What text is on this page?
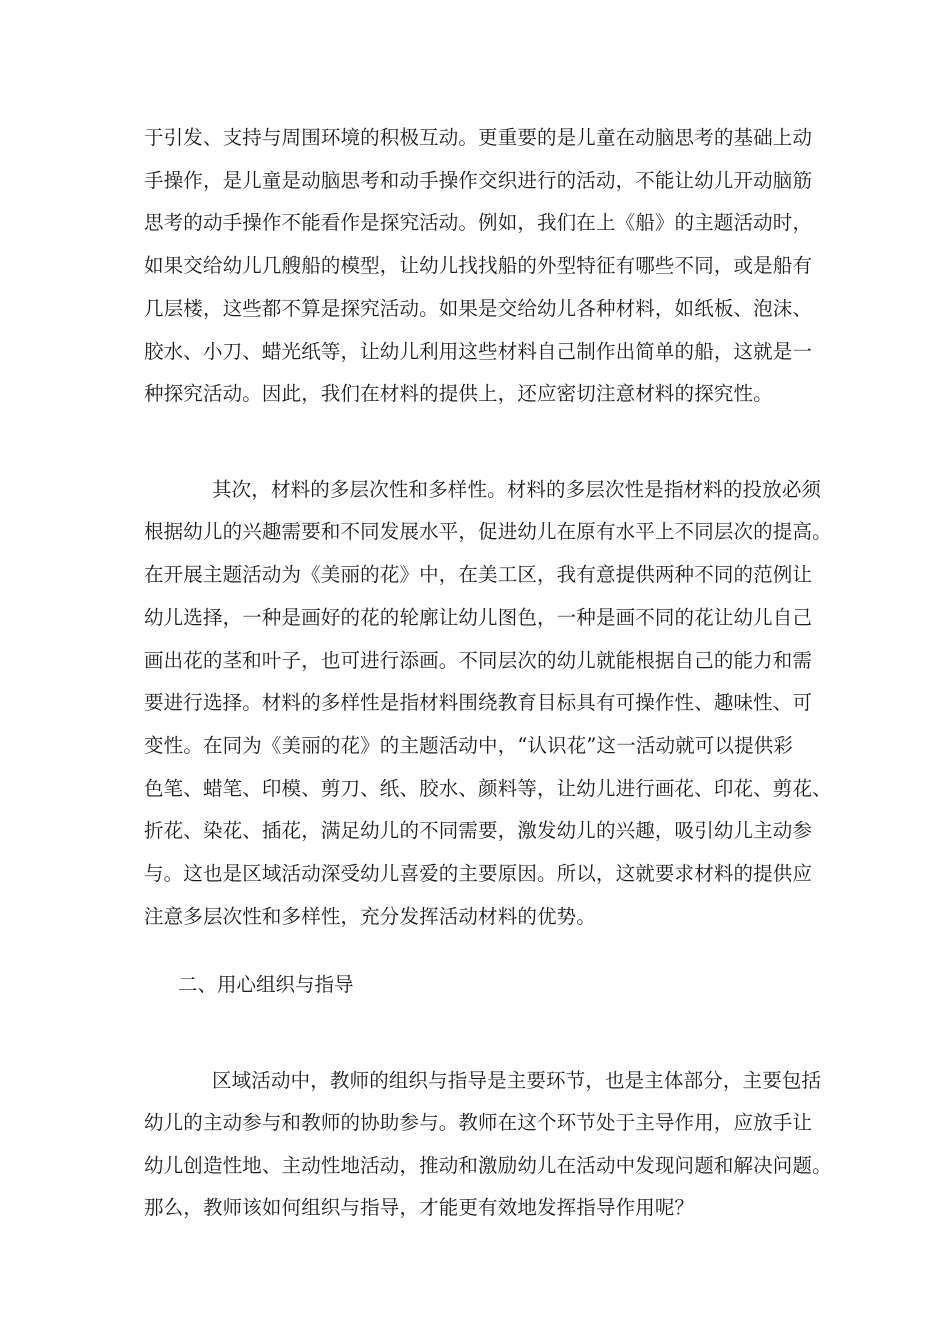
于引发、支持与周围环境的积极互动。更重要的是儿童在动脑思考的基础上动

手操作，是儿童是动脑思考和动手操作交织进行的活动，不能让幼儿开动脑筋

思考的动手操作不能看作是探究活动。例如，我们在上《船》的主题活动时，

如果交给幼儿几艘船的模型，让幼儿找找船的外型特征有哪些不同，或是船有

几层楼，这些都不算是探究活动。如果是交给幼儿各种材料，如纸板、泡沫、

胶水、小刀、蜡光纸等，让幼儿利用这些材料自己制作出简单的船，这就是一

种探究活动。因此，我们在材料的提供上，还应密切注意材料的探究性。

其次，材料的多层次性和多样性。材料的多层次性是指材料的投放必须

根据幼儿的兴趣需要和不同发展水平，促进幼儿在原有水平上不同层次的提高。

在开展主题活动为《美丽的花》中，在美工区，我有意提供两种不同的范例让

幼儿选择，一种是画好的花的轮廓让幼儿图色，一种是画不同的花让幼儿自己

画出花的茎和叶子，也可进行添画。不同层次的幼儿就能根据自己的能力和需

要进行选择。材料的多样性是指材料围绕教育目标具有可操作性、趣味性、可

变性。在同为《美丽的花》的主题活动中，“认识花”这一活动就可以提供彩

色笔、蜡笔、印模、剪刀、纸、胶水、颜料等，让幼儿进行画花、印花、剪花、

折花、染花、插花，满足幼儿的不同需要，激发幼儿的兴趣，吸引幼儿主动参

与。这也是区域活动深受幼儿喜爱的主要原因。所以，这就要求材料的提供应

注意多层次性和多样性，充分发挥活动材料的优势。

二、用心组织与指导

区域活动中，教师的组织与指导是主要环节，也是主体部分，主要包括

幼儿的主动参与和教师的协助参与。教师在这个环节处于主导作用，应放手让

幼儿创造性地、主动性地活动，推动和激励幼儿在活动中发现问题和解决问题。

那么，教师该如何组织与指导，才能更有效地发挥指导作用呢？
